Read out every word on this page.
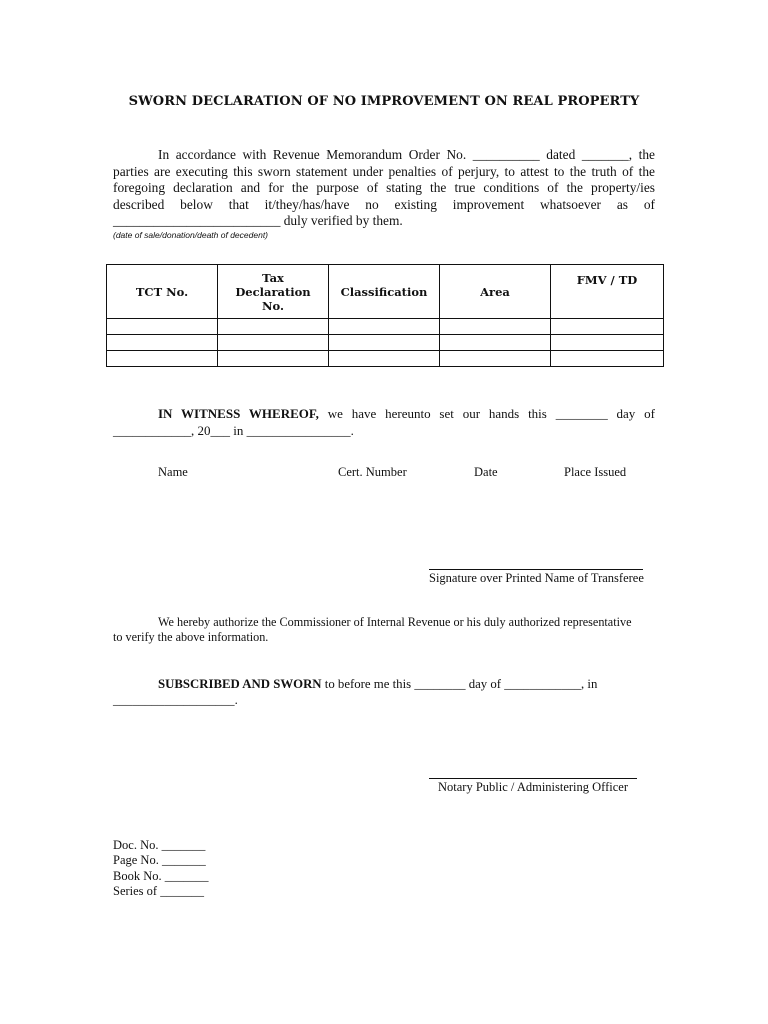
SWORN DECLARATION OF NO IMPROVEMENT ON REAL PROPERTY
In accordance with Revenue Memorandum Order No. __________ dated _______, the
parties are executing this sworn statement under penalties of perjury, to attest to the truth of the
foregoing declaration and for the purpose of stating the true conditions of the property/ies
described below that it/they/has/have no existing improvement whatsoever as of
_________________________ duly verified by them.
(date of sale/donation/death of decedent)
TCT No.	Tax
Declaration
No.	Classification	Area	FMV / TD

IN WITNESS WHEREOF, we have hereunto set our hands this ________ day of
____________, 20___ in ________________.
Name	Cert. Number	Date	Place Issued
Signature over Printed Name of Transferee
We hereby authorize the Commissioner of Internal Revenue or his duly authorized representative
to verify the above information.
SUBSCRIBED AND SWORN to before me this ________ day of ____________, in
___________________.
Notary Public / Administering Officer
Doc. No. _______
Page No. _______
Book No. _______
Series of _______
